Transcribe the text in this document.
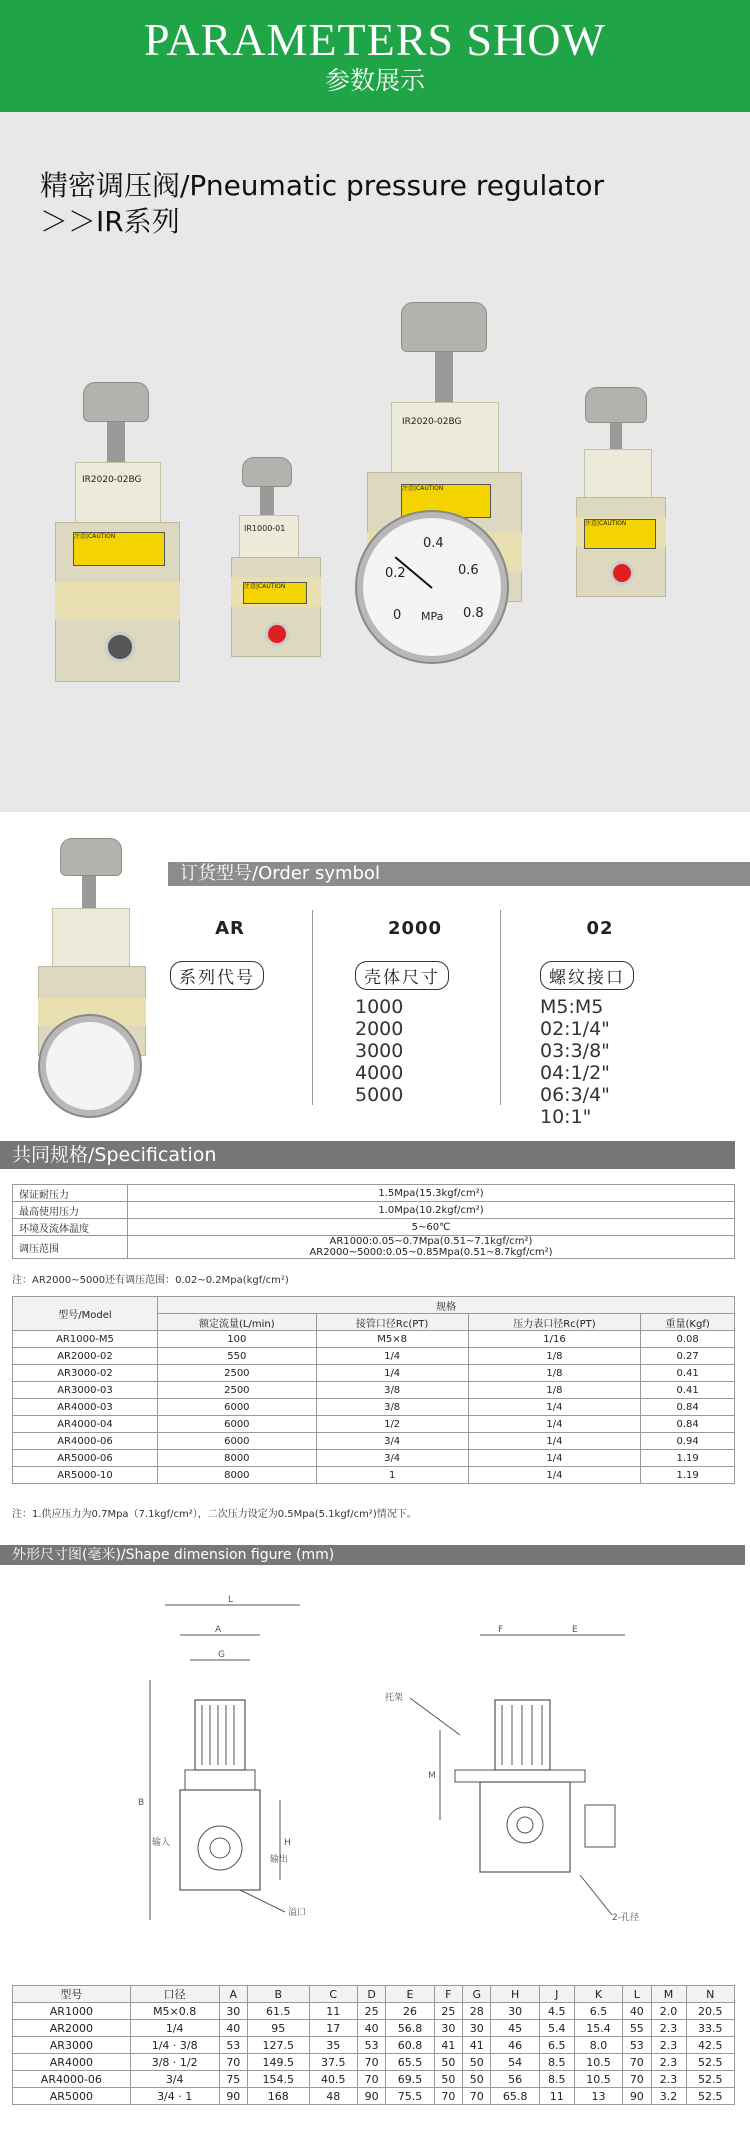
PARAMETERS SHOW
参数展示
精密调压阀/Pneumatic pressure regulator
＞＞IR系列
IR2020-02BG
注意|CAUTION
IR1000-01
注意|CAUTION
IR2020-02BG
注意|CAUTION
0
0.2
0.4
0.6
0.8
MPa
注意|CAUTION
订货型号/Order symbol
AR
系列代号
2000
壳体尺寸
1000
2000
3000
4000
5000
02
螺纹接口
M5:M5
02:1/4"
03:3/8"
04:1/2"
06:3/4"
10:1"
共同规格/Specification
保证耐压力	1.5Mpa(15.3kgf/cm²)
最高使用压力	1.0Mpa(10.2kgf/cm²)
环境及流体温度	5~60℃
调压范围	AR1000:0.05~0.7Mpa(0.51~7.1kgf/cm²)
AR2000~5000:0.05~0.85Mpa(0.51~8.7kgf/cm²)
注：AR2000~5000还有调压范围：0.02~0.2Mpa(kgf/cm²)
型号/Model	规格			
	额定流量(L/min)	接管口径Rc(PT)	压力表口径Rc(PT)	重量(Kgf)
AR1000-M5	100	M5×8	1/16	0.08
AR2000-02	550	1/4	1/8	0.27
AR3000-02	2500	1/4	1/8	0.41
AR3000-03	2500	3/8	1/8	0.41
AR4000-03	6000	3/8	1/4	0.84
AR4000-04	6000	1/2	1/4	0.84
AR4000-06	6000	3/4	1/4	0.94
AR5000-06	8000	3/4	1/4	1.19
AR5000-10	8000	1	1/4	1.19
注：1.供应压力为0.7Mpa（7.1kgf/cm²），二次压力设定为0.5Mpa(5.1kgf/cm²)情况下。
外形尺寸图(毫米)/Shape dimension figure (mm)
L
A
G
B
H
输入
输出
溢口
F	E
托架
M
2-孔径
型号	口径	A	B	C	D	E	F	G	H	J	K	L	M	N
AR1000	M5×0.8	30	61.5	11	25	26	25	28	30	4.5	6.5	40	2.0	20.5
AR2000	1/4	40	95	17	40	56.8	30	30	45	5.4	15.4	55	2.3	33.5
AR3000	1/4 · 3/8	53	127.5	35	53	60.8	41	41	46	6.5	8.0	53	2.3	42.5
AR4000	3/8 · 1/2	70	149.5	37.5	70	65.5	50	50	54	8.5	10.5	70	2.3	52.5
AR4000-06	3/4	75	154.5	40.5	70	69.5	50	50	56	8.5	10.5	70	2.3	52.5
AR5000	3/4 · 1	90	168	48	90	75.5	70	70	65.8	11	13	90	3.2	52.5
